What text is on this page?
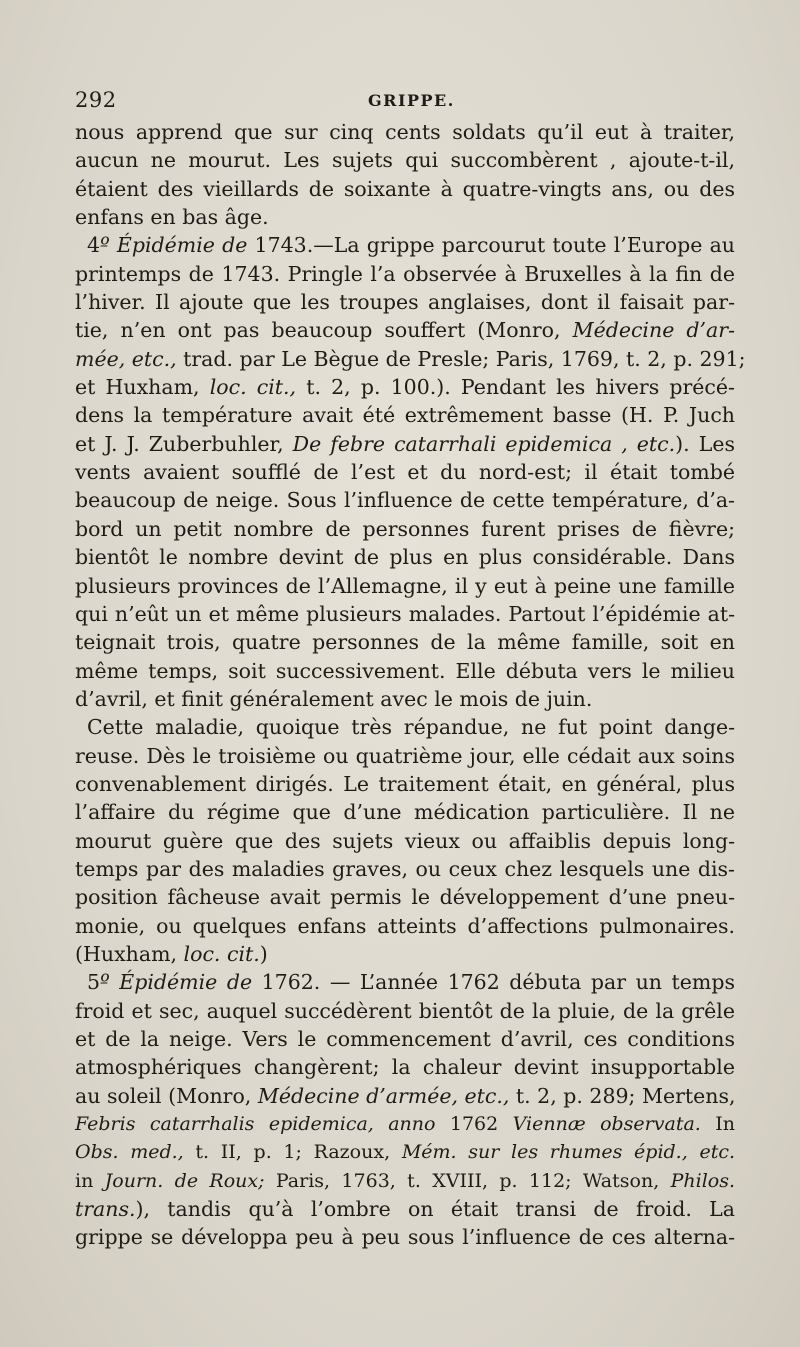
292	GRIPPE.
nous apprend que sur cinq cents soldats qu’il eut à traiter,
aucun ne mourut. Les sujets qui succombèrent , ajoute-t-il,
étaient des vieillards de soixante à quatre-vingts ans, ou des
enfans en bas âge.
4º Épidémie de 1743.—La grippe parcourut toute l’Europe au
printemps de 1743. Pringle l’a observée à Bruxelles à la fin de
l’hiver. Il ajoute que les troupes anglaises, dont il faisait par-
tie, n’en ont pas beaucoup souffert (Monro, Médecine d’ar-
mée, etc., trad. par Le Bègue de Presle; Paris, 1769, t. 2, p. 291;
et Huxham, loc. cit., t. 2, p. 100.). Pendant les hivers précé-
dens la température avait été extrêmement basse (H. P. Juch
et J. J. Zuberbuhler, De febre catarrhali epidemica , etc.). Les
vents avaient soufflé de l’est et du nord-est; il était tombé
beaucoup de neige. Sous l’influence de cette température, d’a-
bord un petit nombre de personnes furent prises de fièvre;
bientôt le nombre devint de plus en plus considérable. Dans
plusieurs provinces de l’Allemagne, il y eut à peine une famille
qui n’eût un et même plusieurs malades. Partout l’épidémie at-
teignait trois, quatre personnes de la même famille, soit en
même temps, soit successivement. Elle débuta vers le milieu
d’avril, et finit généralement avec le mois de juin.
Cette maladie, quoique très répandue, ne fut point dange-
reuse. Dès le troisième ou quatrième jour, elle cédait aux soins
convenablement dirigés. Le traitement était, en général, plus
l’affaire du régime que d’une médication particulière. Il ne
mourut guère que des sujets vieux ou affaiblis depuis long-
temps par des maladies graves, ou ceux chez lesquels une dis-
position fâcheuse avait permis le développement d’une pneu-
monie, ou quelques enfans atteints d’affections pulmonaires.
(Huxham, loc. cit.)
5º Épidémie de 1762. — L’année 1762 débuta par un temps
froid et sec, auquel succédèrent bientôt de la pluie, de la grêle
et de la neige. Vers le commencement d’avril, ces conditions
atmosphériques changèrent; la chaleur devint insupportable
au soleil (Monro, Médecine d’armée, etc., t. 2, p. 289; Mertens,
Febris catarrhalis epidemica, anno 1762 Viennæ observata. In
Obs. med., t. II, p. 1; Razoux, Mém. sur les rhumes épid., etc.
in Journ. de Roux; Paris, 1763, t. XVIII, p. 112; Watson, Philos.
trans.), tandis qu’à l’ombre on était transi de froid. La
grippe se développa peu à peu sous l’influence de ces alterna-
